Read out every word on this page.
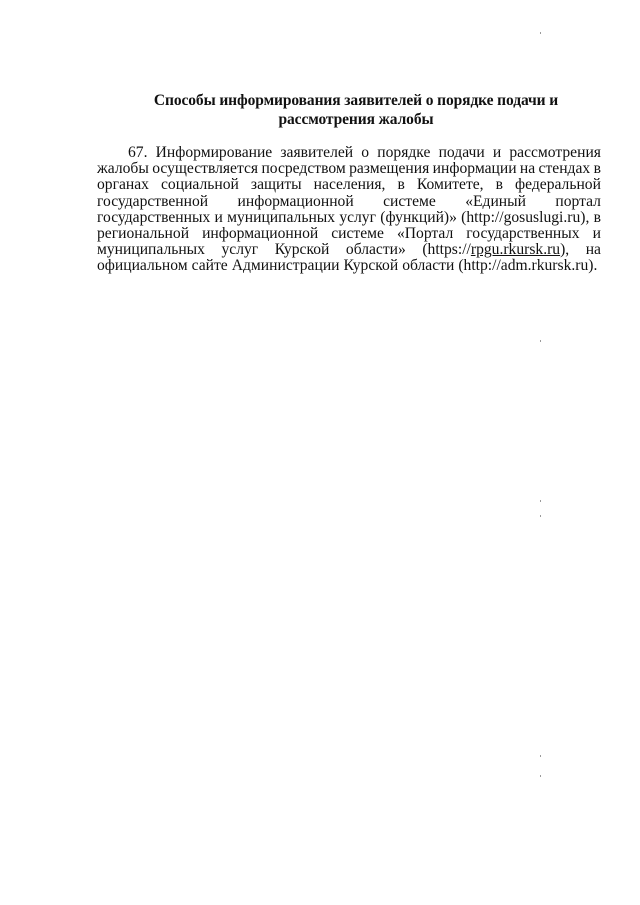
Способы информирования заявителей о порядке подачи и
рассмотрения жалобы
67. Информирование заявителей о порядке подачи и рассмотрения
жалобы осуществляется посредством размещения информации на стендах в
органах социальной защиты населения, в Комитете, в федеральной
государственной информационной системе «Единый портал
государственных и муниципальных услуг (функций)» (http://gosuslugi.ru), в
региональной информационной системе «Портал государственных и
муниципальных услуг Курской области» (https://rpgu.rkursk.ru), на
официальном сайте Администрации Курской области (http://adm.rkursk.ru).
